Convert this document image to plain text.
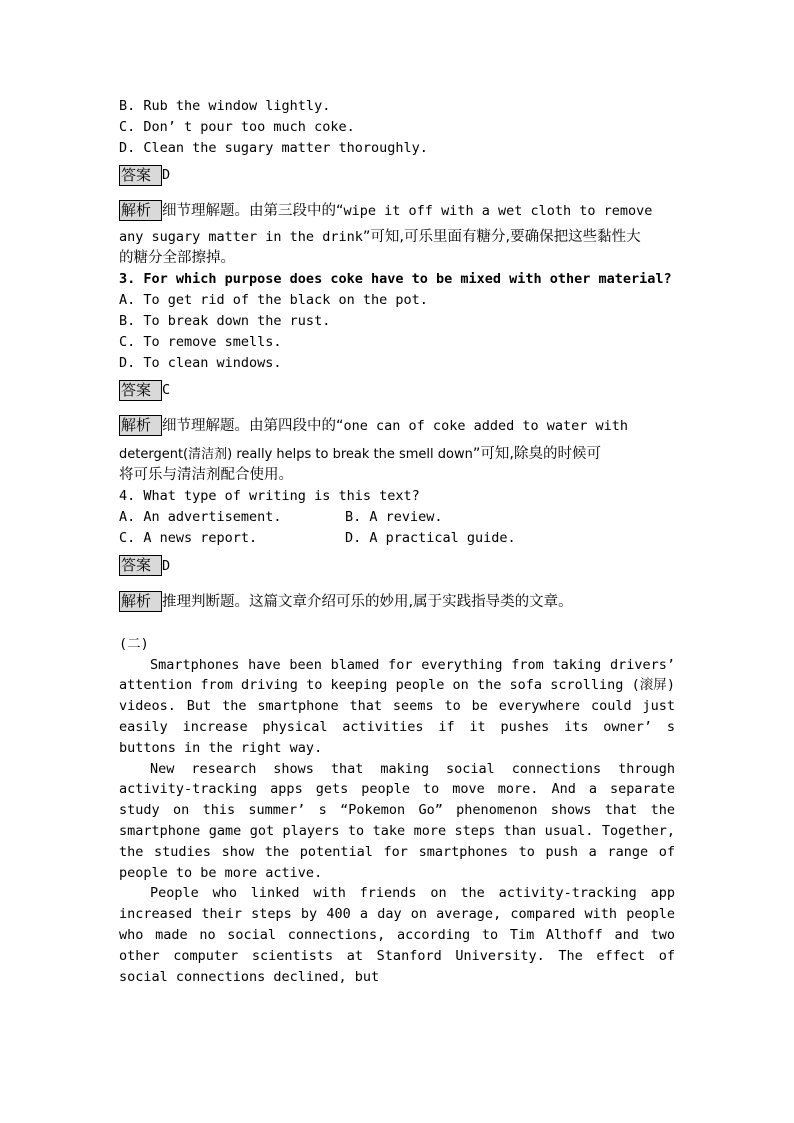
B. Rub the window lightly.
C. Don’ t pour too much coke.
D. Clean the sugary matter thoroughly.
答案 D
解析 细节理解题。由第三段中的“wipe it off with a wet cloth to remove
any sugary matter in the drink”可知,可乐里面有糖分,要确保把这些黏性大
的糖分全部擦掉。
3. For which purpose does coke have to be mixed with other material?
A. To get rid of the black on the pot.
B. To break down the rust.
C. To remove smells.
D. To clean windows.
答案 C
解析 细节理解题。由第四段中的“one can of coke added to water with
detergent(清洁剂) really helps to break the smell down”可知,除臭的时候可
将可乐与清洁剂配合使用。
4. What type of writing is this text?
A. An advertisement.	B. A review.
C. A news report.	D. A practical guide.
答案 D
解析 推理判断题。这篇文章介绍可乐的妙用,属于实践指导类的文章。
(二)
Smartphones have been blamed for everything from taking drivers’ attention from driving to keeping people on the sofa scrolling (滚屏) videos. But the smartphone that seems to be everywhere could just easily increase physical activities if it pushes its owner’ s buttons in the right way.
New research shows that making social connections through activity-tracking apps gets people to move more. And a separate study on this summer’ s “Pokemon Go” phenomenon shows that the smartphone game got players to take more steps than usual. Together, the studies show the potential for smartphones to push a range of people to be more active.
People who linked with friends on the activity-tracking app increased their steps by 400 a day on average, compared with people who made no social connections, according to Tim Althoff and two other computer scientists at Stanford University. The effect of social connections declined, but
